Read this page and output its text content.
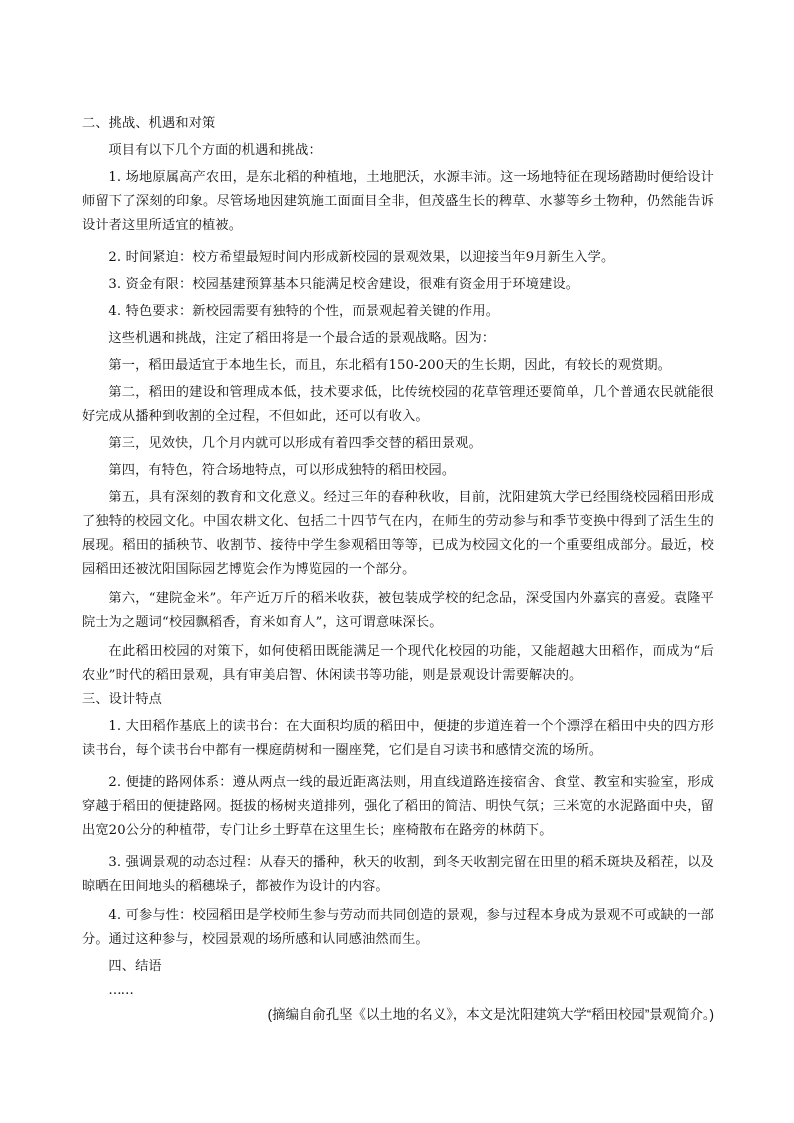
二、挑战、机遇和对策

项目有以下几个方面的机遇和挑战：

1. 场地原属高产农田，是东北稻的种植地，土地肥沃，水源丰沛。这一场地特征在现场踏勘时便给设计师留下了深刻的印象。尽管场地因建筑施工面面目全非，但茂盛生长的稗草、水蓼等乡土物种，仍然能告诉设计者这里所适宜的植被。

2. 时间紧迫：校方希望最短时间内形成新校园的景观效果，以迎接当年9月新生入学。

3. 资金有限：校园基建预算基本只能满足校舍建设，很难有资金用于环境建设。

4. 特色要求：新校园需要有独特的个性，而景观起着关键的作用。

这些机遇和挑战，注定了稻田将是一个最合适的景观战略。因为：

第一，稻田最适宜于本地生长，而且，东北稻有150-200天的生长期，因此，有较长的观赏期。

第二，稻田的建设和管理成本低，技术要求低，比传统校园的花草管理还要简单，几个普通农民就能很好完成从播种到收割的全过程，不但如此，还可以有收入。

第三，见效快，几个月内就可以形成有着四季交替的稻田景观。

第四，有特色，符合场地特点，可以形成独特的稻田校园。

第五，具有深刻的教育和文化意义。经过三年的春种秋收，目前，沈阳建筑大学已经围绕校园稻田形成了独特的校园文化。中国农耕文化、包括二十四节气在内，在师生的劳动参与和季节变换中得到了活生生的展现。稻田的插秧节、收割节、接待中学生参观稻田等等，已成为校园文化的一个重要组成部分。最近，校园稻田还被沈阳国际园艺博览会作为博览园的一个部分。

第六，“建院金米”。年产近万斤的稻米收获，被包装成学校的纪念品，深受国内外嘉宾的喜爱。袁隆平院士为之题词“校园飘稻香，育米如育人”，这可谓意味深长。

在此稻田校园的对策下，如何使稻田既能满足一个现代化校园的功能，又能超越大田稻作，而成为“后农业”时代的稻田景观，具有审美启智、休闲读书等功能，则是景观设计需要解决的。

三、设计特点

1. 大田稻作基底上的读书台：在大面积均质的稻田中，便捷的步道连着一个个漂浮在稻田中央的四方形读书台，每个读书台中都有一棵庭荫树和一圈座凳，它们是自习读书和感情交流的场所。

2. 便捷的路网体系：遵从两点一线的最近距离法则，用直线道路连接宿舍、食堂、教室和实验室，形成穿越于稻田的便捷路网。挺拔的杨树夹道排列，强化了稻田的简洁、明快气氛；三米宽的水泥路面中央，留出宽20公分的种植带，专门让乡土野草在这里生长；座椅散布在路旁的林荫下。

3. 强调景观的动态过程：从春天的播种，秋天的收割，到冬天收割完留在田里的稻禾斑块及稻茬，以及晾晒在田间地头的稻穗垛子，都被作为设计的内容。

4. 可参与性：校园稻田是学校师生参与劳动而共同创造的景观，参与过程本身成为景观不可或缺的一部分。通过这种参与，校园景观的场所感和认同感油然而生。

四、结语

……

(摘编自俞孔坚《以土地的名义》，本文是沈阳建筑大学“稻田校园”景观简介。)
